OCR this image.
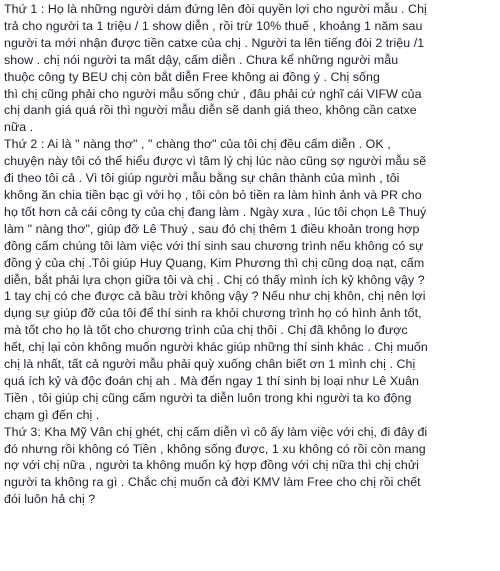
Thứ 1 : Họ là những người dám đứng lên đòi quyền lợi cho người mẫu . Chị
trả cho người ta 1 triệu / 1 show diễn , rồi trừ 10% thuế , khoảng 1 năm sau
người ta mới nhận được tiền catxe của chị . Người ta lên tiếng đòi 2 triệu /1
show . chị nói người ta mất dậy, cấm diễn . Chưa kể những người mẫu
thuộc công ty BEU chị còn bắt diễn Free không ai đồng ý . Chị sống
thì chị cũng phải cho người mẫu sống chứ , đâu phải cứ nghĩ cái VIFW của
chị danh giá quá rồi thì người mẫu diễn sẽ danh giá theo, không cần catxe
nữa .
Thứ 2 : Ai là " nàng thơ" , " chàng thơ" của tôi chị đều cấm diễn . OK ,
chuyện này tôi có thể hiểu được vì tâm lý chị lúc nào cũng sợ người mẫu sẽ
đi theo tôi cả . Vì tôi giúp người mẫu bằng sự chân thành của mình , tôi
không ăn chia tiền bạc gì với họ , tôi còn bỏ tiền ra làm hình ảnh và PR cho
họ tốt hơn cả cái công ty của chị đang làm . Ngày xưa , lúc tôi chọn Lê Thuý
làm " nàng thơ", giúp đỡ Lê Thuý , sau đó chị thêm 1 điều khoản trong hợp
đồng cấm chúng tôi làm việc với thí sinh sau chương trình nếu không có sự
đồng ý của chị .Tôi giúp Huy Quang, Kim Phương thì chị cũng doạ nạt, cấm
diễn, bắt phải lựa chọn giữa tôi và chị . Chị có thấy mình ích kỷ không vậy ?
1 tay chị có che được cả bầu trời không vậy ? Nếu như chị khôn, chị nên lợi
dụng sự giúp đỡ của tôi để thí sinh ra khỏi chương trình họ có hình ảnh tốt,
mà tốt cho họ là tốt cho chương trình của chị thôi . Chị đã không lo được
hết, chị lại còn không muốn người khác giúp những thí sinh khác . Chị muốn
chị là nhất, tất cả người mẫu phải quỳ xuống chân biết ơn 1 mình chị . Chị
quá ích kỷ và độc đoán chị ah . Mà đến ngay 1 thí sinh bị loại như Lê Xuân
Tiền , tôi giúp chị cũng cấm người ta diễn luôn trong khi người ta ko động
chạm gì đến chị .
Thứ 3: Kha Mỹ Vân chị ghét, chị cấm diễn vì cô ấy làm việc với chị, đi đây đi
đó nhưng rồi không có Tiền , không sống được, 1 xu không có rồi còn mang
nợ với chị nữa , người ta không muốn ký hợp đồng với chị nữa thì chị chửi
người ta không ra gì . Chắc chị muốn cả đời KMV làm Free cho chị rồi chết
đói luôn hả chị ?
